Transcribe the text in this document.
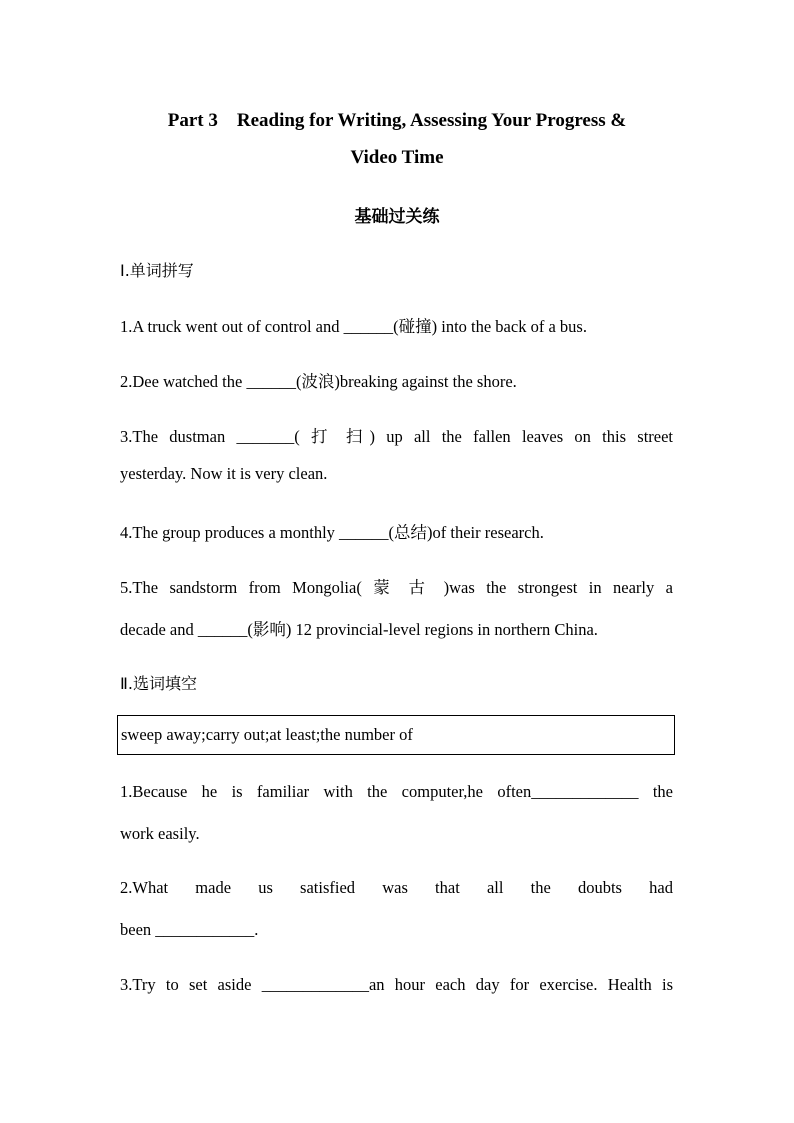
Part 3　Reading for Writing, Assessing Your Progress &
Video Time
基础过关练
Ⅰ.单词拼写
1.A truck went out of control and ______(碰撞) into the back of a bus.
2.Dee watched the ______(波浪)breaking against the shore.
3.The dustman _______( 打 扫) up all the fallen leaves on this street
yesterday. Now it is very clean.
4.The group produces a monthly ______(总结)of their research.
5.The sandstorm from Mongolia( 蒙 古 )was the strongest in nearly a
decade and ______(影响) 12 provincial-level regions in northern China.
Ⅱ.选词填空
sweep away;carry out;at least;the number of
1.Because he is familiar with the computer,he often_____________ the
work easily.
2.What made us satisfied was that all the doubts had
been ____________.
3.Try to set aside _____________an hour each day for exercise. Health is
